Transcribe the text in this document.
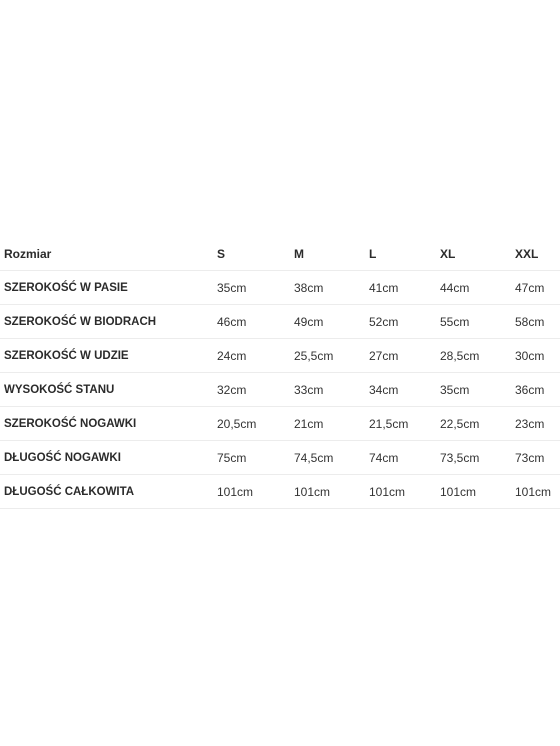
Rozmiar	S	M	L	XL	XXL
SZEROKOŚĆ W PASIE	35cm	38cm	41cm	44cm	47cm
SZEROKOŚĆ W BIODRACH	46cm	49cm	52cm	55cm	58cm
SZEROKOŚĆ W UDZIE	24cm	25,5cm	27cm	28,5cm	30cm
WYSOKOŚĆ STANU	32cm	33cm	34cm	35cm	36cm
SZEROKOŚĆ NOGAWKI	20,5cm	21cm	21,5cm	22,5cm	23cm
DŁUGOŚĆ NOGAWKI	75cm	74,5cm	74cm	73,5cm	73cm
DŁUGOŚĆ CAŁKOWITA	101cm	101cm	101cm	101cm	101cm
